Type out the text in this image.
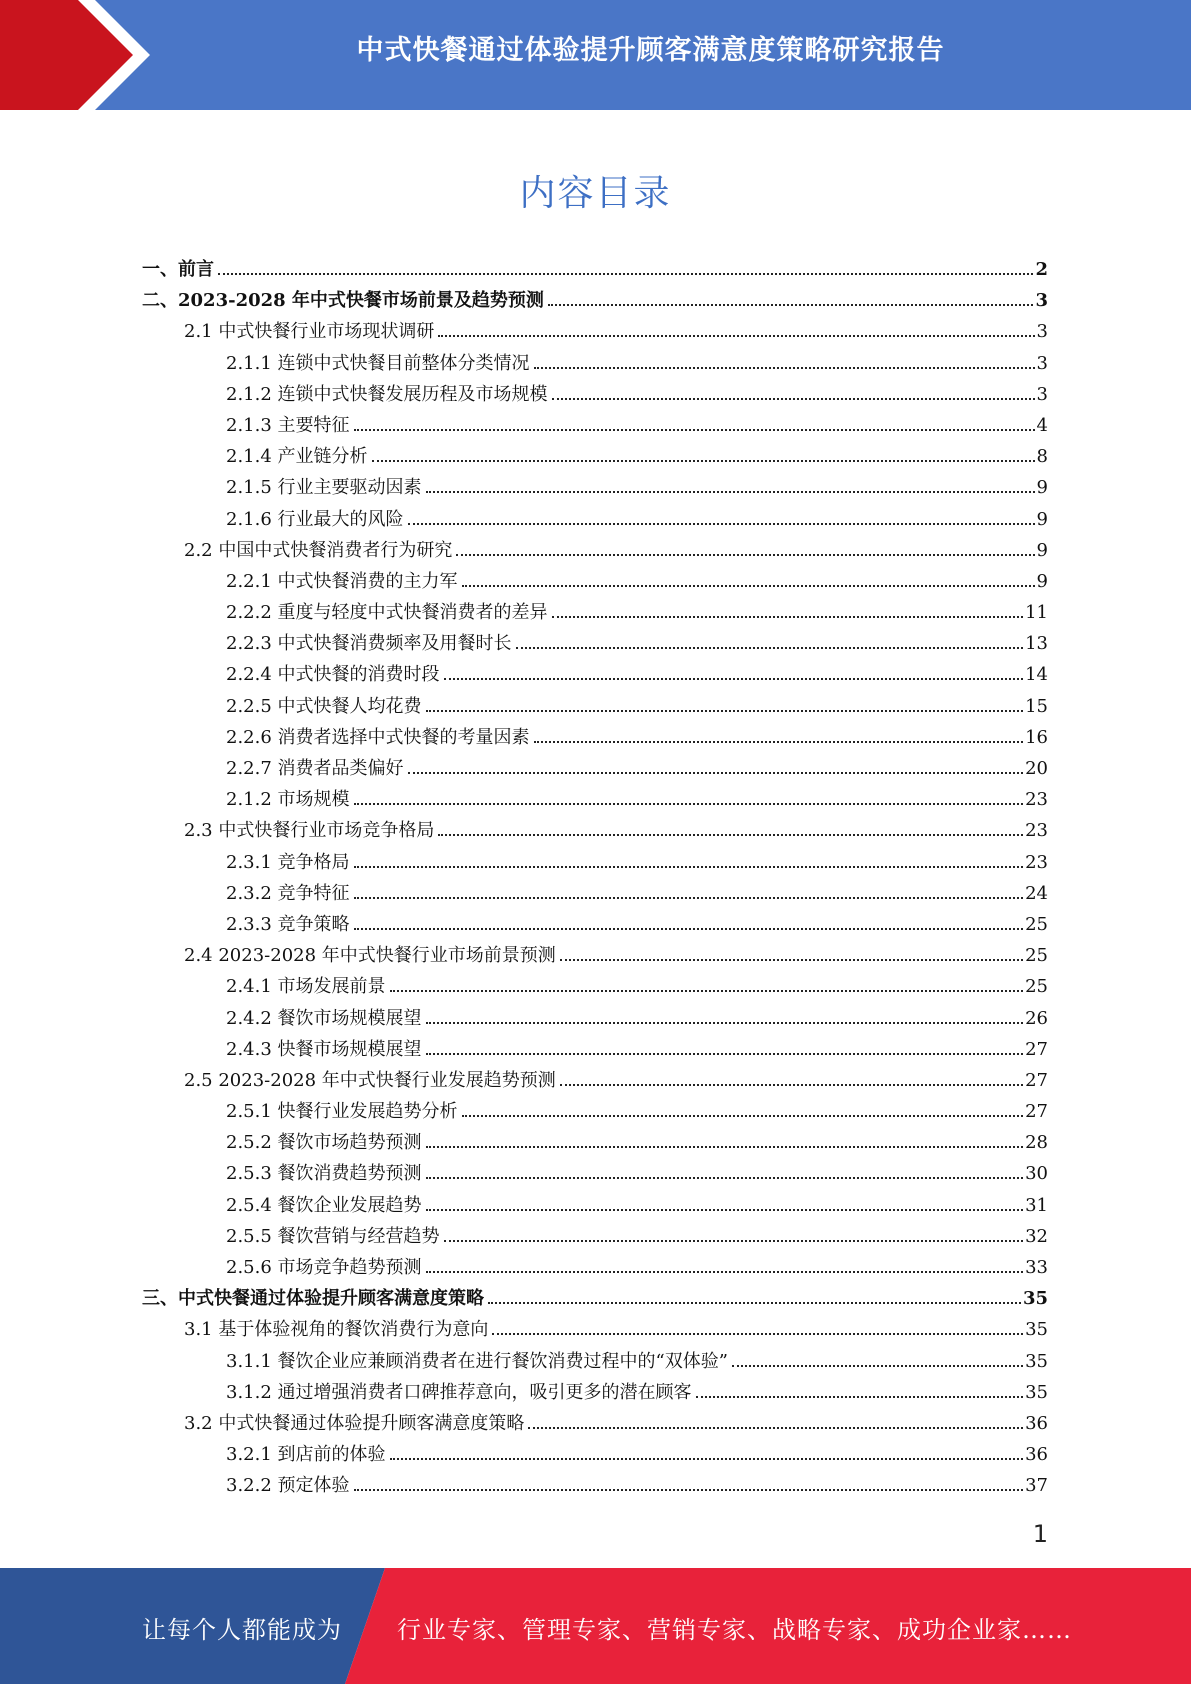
中式快餐通过体验提升顾客满意度策略研究报告
内容目录
一、前言	2
二、2023-2028 年中式快餐市场前景及趋势预测	3
2.1 中式快餐行业市场现状调研	3
2.1.1 连锁中式快餐目前整体分类情况	3
2.1.2 连锁中式快餐发展历程及市场规模	3
2.1.3 主要特征	4
2.1.4 产业链分析	8
2.1.5 行业主要驱动因素	9
2.1.6 行业最大的风险	9
2.2 中国中式快餐消费者行为研究	9
2.2.1 中式快餐消费的主力军	9
2.2.2 重度与轻度中式快餐消费者的差异	11
2.2.3 中式快餐消费频率及用餐时长	13
2.2.4 中式快餐的消费时段	14
2.2.5 中式快餐人均花费	15
2.2.6 消费者选择中式快餐的考量因素	16
2.2.7 消费者品类偏好	20
2.1.2 市场规模	23
2.3 中式快餐行业市场竞争格局	23
2.3.1 竞争格局	23
2.3.2 竞争特征	24
2.3.3 竞争策略	25
2.4 2023-2028 年中式快餐行业市场前景预测	25
2.4.1 市场发展前景	25
2.4.2 餐饮市场规模展望	26
2.4.3 快餐市场规模展望	27
2.5 2023-2028 年中式快餐行业发展趋势预测	27
2.5.1 快餐行业发展趋势分析	27
2.5.2 餐饮市场趋势预测	28
2.5.3 餐饮消费趋势预测	30
2.5.4 餐饮企业发展趋势	31
2.5.5 餐饮营销与经营趋势	32
2.5.6 市场竞争趋势预测	33
三、中式快餐通过体验提升顾客满意度策略	35
3.1 基于体验视角的餐饮消费行为意向	35
3.1.1 餐饮企业应兼顾消费者在进行餐饮消费过程中的“双体验”	35
3.1.2 通过增强消费者口碑推荐意向，吸引更多的潜在顾客	35
3.2 中式快餐通过体验提升顾客满意度策略	36
3.2.1 到店前的体验	36
3.2.2 预定体验	37
1
让每个人都能成为 行业专家、管理专家、营销专家、战略专家、成功企业家……
